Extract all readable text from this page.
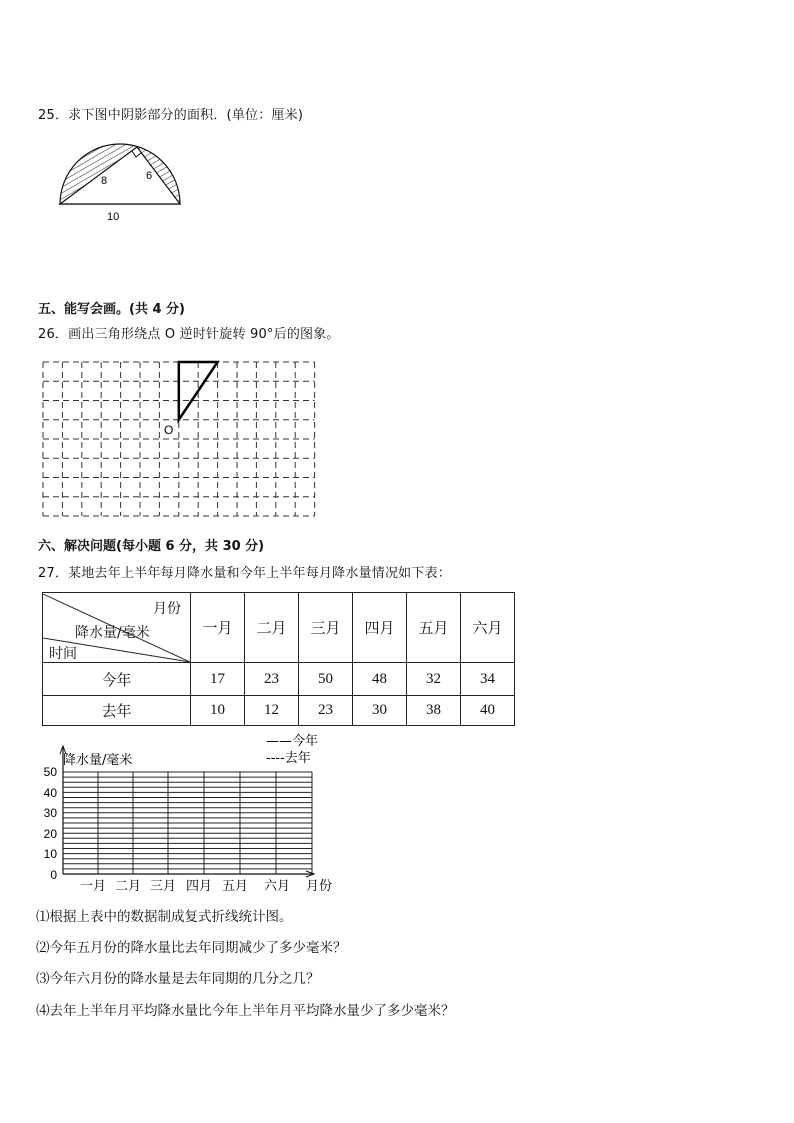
25．求下图中阴影部分的面积．(单位：厘米)
8	6
10
五、能写会画。(共 4 分)
26．画出三角形绕点 O 逆时针旋转 90°后的图象。
O
六、解决问题(每小题 6 分，共 30 分)
27．某地去年上半年每月降水量和今年上半年每月降水量情况如下表：
月份
降水量/毫米
时间	一月	二月	三月	四月	五月	六月
今年	17	23	50	48	32	34
去年	10	12	23	30	38	40
——今年
----去年
降水量/毫米
50
40
30
20
10
0
一月 二月 三月 四月 五月 六月 月份
⑴根据上表中的数据制成复式折线统计图。
⑵今年五月份的降水量比去年同期减少了多少毫米？
⑶今年六月份的降水量是去年同期的几分之几？
⑷去年上半年月平均降水量比今年上半年月平均降水量少了多少毫米？
